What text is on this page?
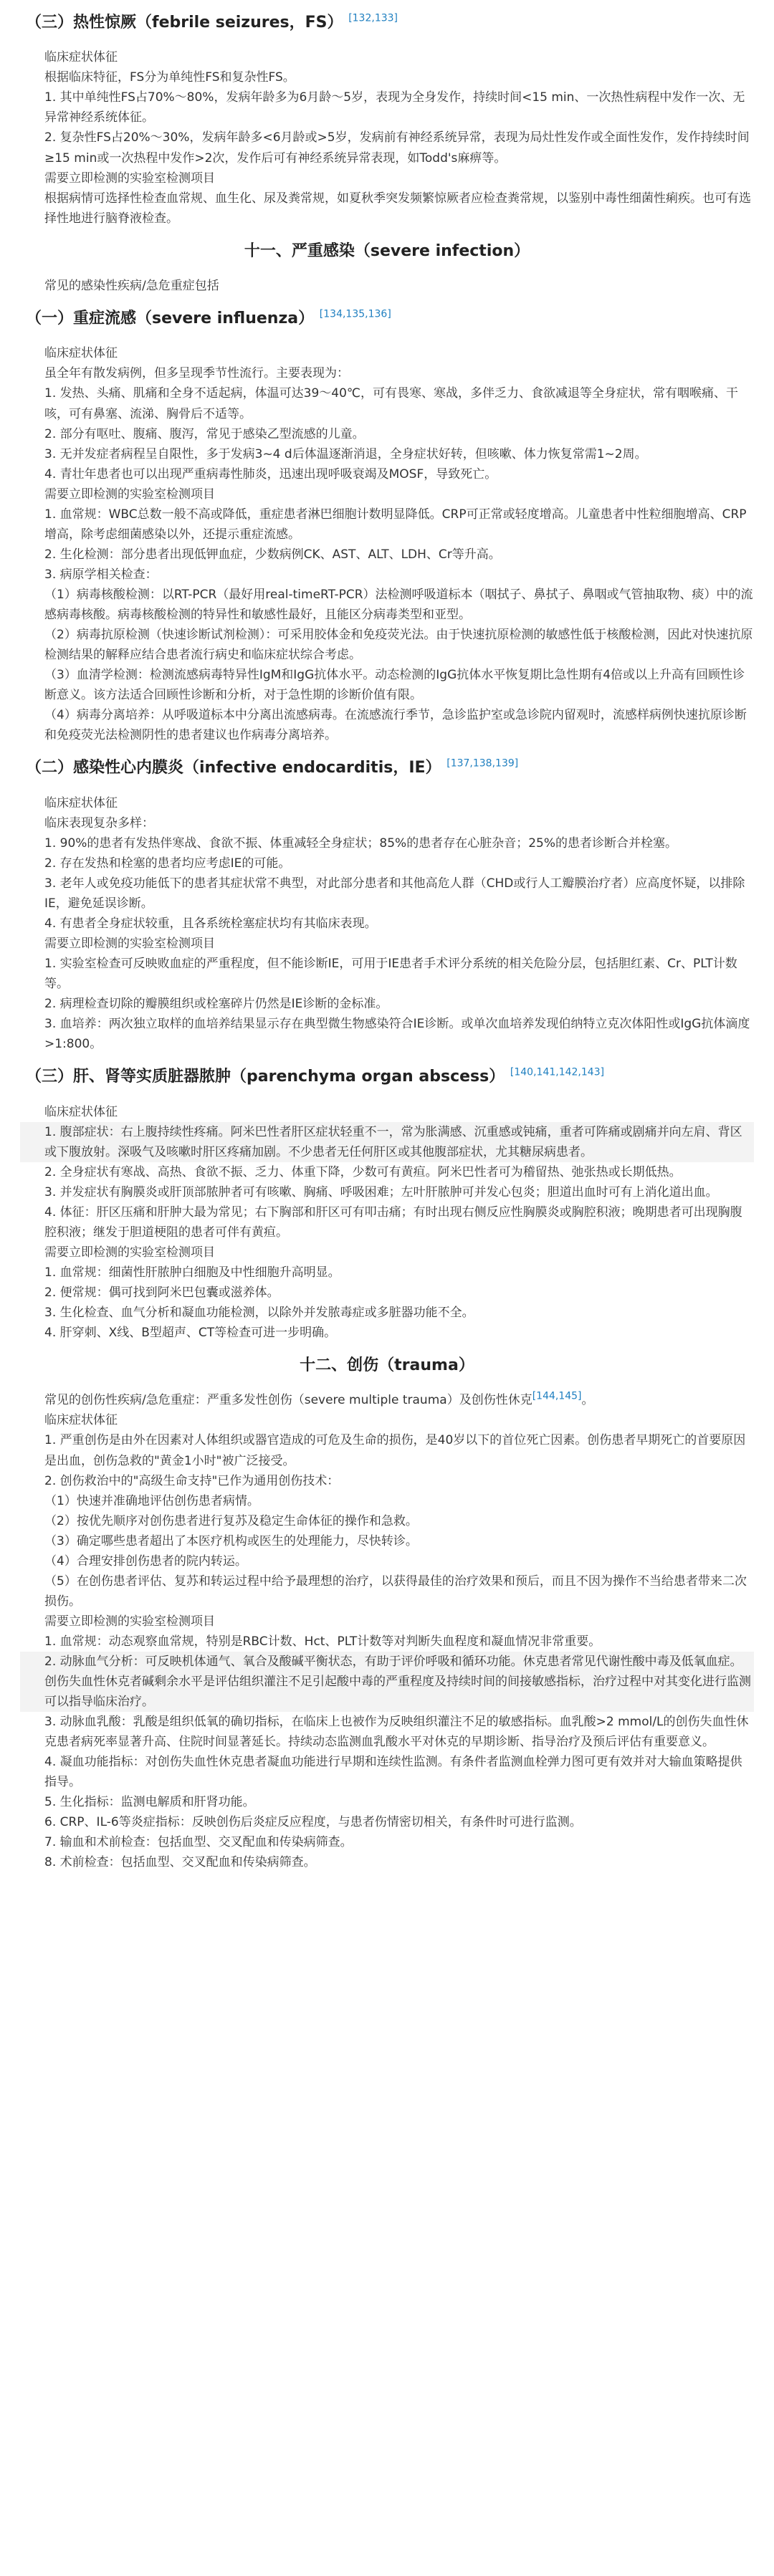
（三）热性惊厥（febrile seizures，FS） [132,133]
临床症状体征
根据临床特征，FS分为单纯性FS和复杂性FS。
1. 其中单纯性FS占70%～80%，发病年龄多为6月龄～5岁，表现为全身发作，持续时间<15 min、一次热性病程中发作一次、无异常神经系统体征。
2. 复杂性FS占20%～30%，发病年龄多<6月龄或>5岁，发病前有神经系统异常，表现为局灶性发作或全面性发作，发作持续时间≥15 min或一次热程中发作>2次，发作后可有神经系统异常表现，如Todd's麻痹等。
需要立即检测的实验室检测项目
根据病情可选择性检查血常规、血生化、尿及粪常规，如夏秋季突发频繁惊厥者应检查粪常规，以鉴别中毒性细菌性痢疾。也可有选择性地进行脑脊液检查。
十一、严重感染（severe infection）
常见的感染性疾病/急危重症包括
（一）重症流感（severe influenza） [134,135,136]
临床症状体征
虽全年有散发病例，但多呈现季节性流行。主要表现为：
1. 发热、头痛、肌痛和全身不适起病，体温可达39～40℃，可有畏寒、寒战，多伴乏力、食欲减退等全身症状，常有咽喉痛、干咳，可有鼻塞、流涕、胸骨后不适等。
2. 部分有呕吐、腹痛、腹泻，常见于感染乙型流感的儿童。
3. 无并发症者病程呈自限性，多于发病3~4 d后体温逐渐消退，全身症状好转，但咳嗽、体力恢复常需1~2周。
4. 青壮年患者也可以出现严重病毒性肺炎，迅速出现呼吸衰竭及MOSF，导致死亡。
需要立即检测的实验室检测项目
1. 血常规：WBC总数一般不高或降低，重症患者淋巴细胞计数明显降低。CRP可正常或轻度增高。儿童患者中性粒细胞增高、CRP增高，除考虑细菌感染以外，还提示重症流感。
2. 生化检测：部分患者出现低钾血症，少数病例CK、AST、ALT、LDH、Cr等升高。
3. 病原学相关检查：
（1）病毒核酸检测：以RT-PCR（最好用real-timeRT-PCR）法检测呼吸道标本（咽拭子、鼻拭子、鼻咽或气管抽取物、痰）中的流感病毒核酸。病毒核酸检测的特异性和敏感性最好，且能区分病毒类型和亚型。
（2）病毒抗原检测（快速诊断试剂检测）：可采用胶体金和免疫荧光法。由于快速抗原检测的敏感性低于核酸检测，因此对快速抗原检测结果的解释应结合患者流行病史和临床症状综合考虑。
（3）血清学检测：检测流感病毒特异性IgM和IgG抗体水平。动态检测的IgG抗体水平恢复期比急性期有4倍或以上升高有回顾性诊断意义。该方法适合回顾性诊断和分析，对于急性期的诊断价值有限。
（4）病毒分离培养：从呼吸道标本中分离出流感病毒。在流感流行季节，急诊监护室或急诊院内留观时，流感样病例快速抗原诊断和免疫荧光法检测阴性的患者建议也作病毒分离培养。
（二）感染性心内膜炎（infective endocarditis，IE） [137,138,139]
临床症状体征
临床表现复杂多样：
1. 90%的患者有发热伴寒战、食欲不振、体重减轻全身症状；85%的患者存在心脏杂音；25%的患者诊断合并栓塞。
2. 存在发热和栓塞的患者均应考虑IE的可能。
3. 老年人或免疫功能低下的患者其症状常不典型，对此部分患者和其他高危人群（CHD或行人工瓣膜治疗者）应高度怀疑，以排除IE，避免延误诊断。
4. 有患者全身症状较重，且各系统栓塞症状均有其临床表现。
需要立即检测的实验室检测项目
1. 实验室检查可反映败血症的严重程度，但不能诊断IE，可用于IE患者手术评分系统的相关危险分层，包括胆红素、Cr、PLT计数等。
2. 病理检查切除的瓣膜组织或栓塞碎片仍然是IE诊断的金标准。
3. 血培养：两次独立取样的血培养结果显示存在典型微生物感染符合IE诊断。或单次血培养发现伯纳特立克次体阳性或IgG抗体滴度>1:800。
（三）肝、肾等实质脏器脓肿（parenchyma organ abscess） [140,141,142,143]
临床症状体征
1. 腹部症状：右上腹持续性疼痛。阿米巴性者肝区症状轻重不一，常为胀满感、沉重感或钝痛，重者可阵痛或剧痛并向左肩、背区或下腹放射。深吸气及咳嗽时肝区疼痛加剧。不少患者无任何肝区或其他腹部症状，尤其糖尿病患者。
2. 全身症状有寒战、高热、食欲不振、乏力、体重下降，少数可有黄疸。阿米巴性者可为稽留热、弛张热或长期低热。
3. 并发症状有胸膜炎或肝顶部脓肿者可有咳嗽、胸痛、呼吸困难；左叶肝脓肿可并发心包炎；胆道出血时可有上消化道出血。
4. 体征：肝区压痛和肝肿大最为常见；右下胸部和肝区可有叩击痛；有时出现右侧反应性胸膜炎或胸腔积液；晚期患者可出现胸腹腔积液；继发于胆道梗阻的患者可伴有黄疸。
需要立即检测的实验室检测项目
1. 血常规：细菌性肝脓肿白细胞及中性细胞升高明显。
2. 便常规：偶可找到阿米巴包囊或滋养体。
3. 生化检查、血气分析和凝血功能检测，以除外并发脓毒症或多脏器功能不全。
4. 肝穿刺、X线、B型超声、CT等检查可进一步明确。
十二、创伤（trauma）
常见的创伤性疾病/急危重症：严重多发性创伤（severe multiple trauma）及创伤性休克[144,145]。
临床症状体征
1. 严重创伤是由外在因素对人体组织或器官造成的可危及生命的损伤，是40岁以下的首位死亡因素。创伤患者早期死亡的首要原因是出血，创伤急救的"黄金1小时"被广泛接受。
2. 创伤救治中的"高级生命支持"已作为通用创伤技术：
（1）快速并准确地评估创伤患者病情。
（2）按优先顺序对创伤患者进行复苏及稳定生命体征的操作和急救。
（3）确定哪些患者超出了本医疗机构或医生的处理能力，尽快转诊。
（4）合理安排创伤患者的院内转运。
（5）在创伤患者评估、复苏和转运过程中给予最理想的治疗，以获得最佳的治疗效果和预后，而且不因为操作不当给患者带来二次损伤。
需要立即检测的实验室检测项目
1. 血常规：动态观察血常规，特别是RBC计数、Hct、PLT计数等对判断失血程度和凝血情况非常重要。
2. 动脉血气分析：可反映机体通气、氧合及酸碱平衡状态，有助于评价呼吸和循环功能。休克患者常见代谢性酸中毒及低氧血症。创伤失血性休克者碱剩余水平是评估组织灌注不足引起酸中毒的严重程度及持续时间的间接敏感指标，治疗过程中对其变化进行监测可以指导临床治疗。
3. 动脉血乳酸：乳酸是组织低氧的确切指标，在临床上也被作为反映组织灌注不足的敏感指标。血乳酸>2 mmol/L的创伤失血性休克患者病死率显著升高、住院时间显著延长。持续动态监测血乳酸水平对休克的早期诊断、指导治疗及预后评估有重要意义。
4. 凝血功能指标：对创伤失血性休克患者凝血功能进行早期和连续性监测。有条件者监测血栓弹力图可更有效并对大输血策略提供指导。
5. 生化指标：监测电解质和肝肾功能。
6. CRP、IL-6等炎症指标：反映创伤后炎症反应程度，与患者伤情密切相关，有条件时可进行监测。
7. 输血和术前检查：包括血型、交叉配血和传染病筛查。
8. 术前检查：包括血型、交叉配血和传染病筛查。
